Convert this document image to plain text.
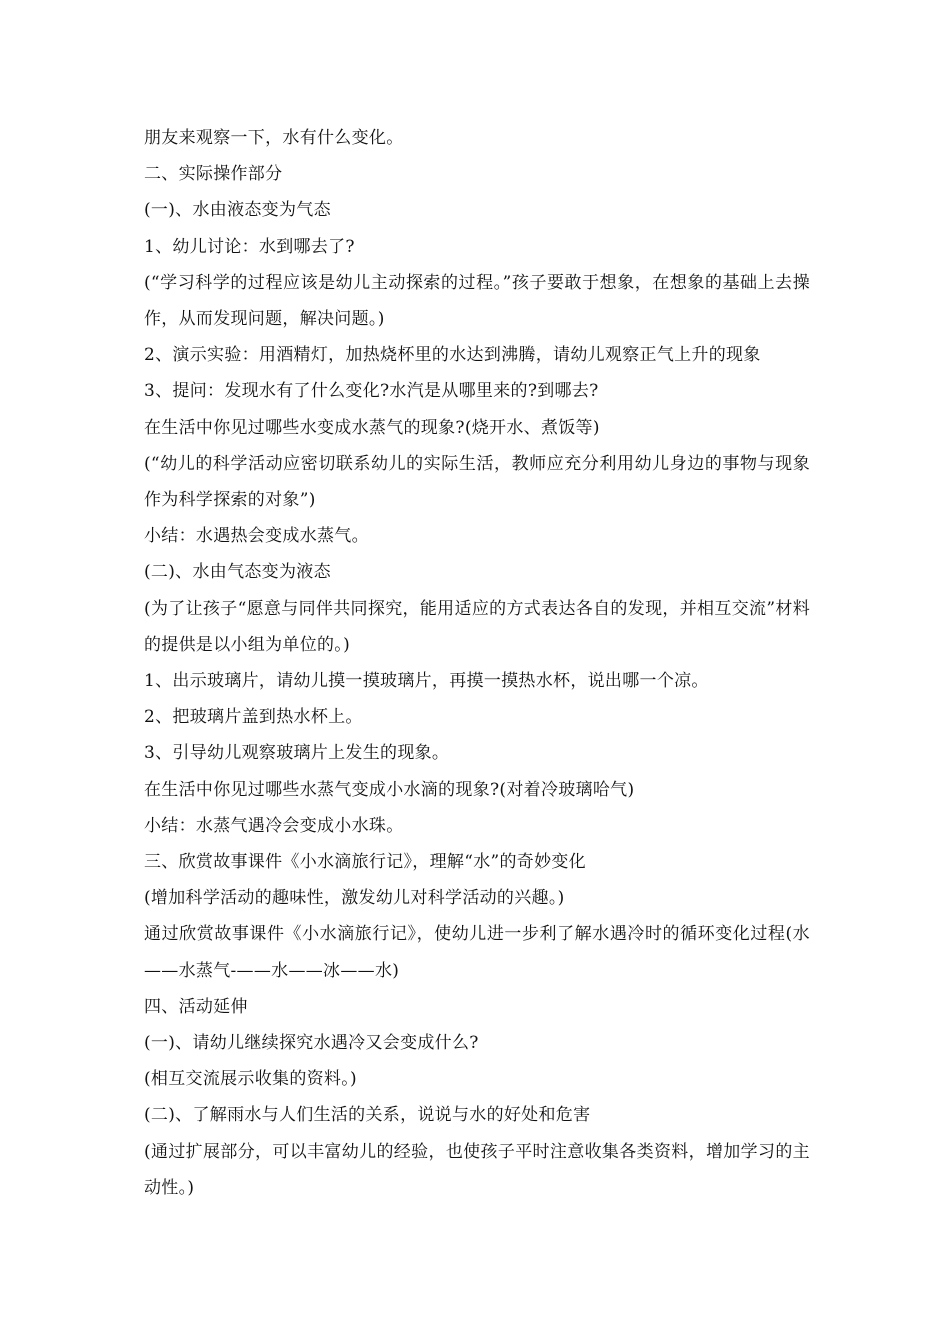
朋友来观察一下，水有什么变化。

二、实际操作部分

(一)、水由液态变为气态

1、幼儿讨论：水到哪去了?

(“学习科学的过程应该是幼儿主动探索的过程。”孩子要敢于想象，在想象的基础上去操作，从而发现问题，解决问题。)

2、演示实验：用酒精灯，加热烧杯里的水达到沸腾，请幼儿观察正气上升的现象

3、提问：发现水有了什么变化?水汽是从哪里来的?到哪去?

在生活中你见过哪些水变成水蒸气的现象?(烧开水、煮饭等)

(“幼儿的科学活动应密切联系幼儿的实际生活，教师应充分利用幼儿身边的事物与现象作为科学探索的对象”)

小结：水遇热会变成水蒸气。

(二)、水由气态变为液态

(为了让孩子“愿意与同伴共同探究，能用适应的方式表达各自的发现，并相互交流”材料的提供是以小组为单位的。)

1、出示玻璃片，请幼儿摸一摸玻璃片，再摸一摸热水杯，说出哪一个凉。

2、把玻璃片盖到热水杯上。

3、引导幼儿观察玻璃片上发生的现象。

在生活中你见过哪些水蒸气变成小水滴的现象?(对着冷玻璃哈气)

小结：水蒸气遇冷会变成小水珠。

三、欣赏故事课件《小水滴旅行记》，理解“水”的奇妙变化

(增加科学活动的趣味性，激发幼儿对科学活动的兴趣。)

通过欣赏故事课件《小水滴旅行记》，使幼儿进一步利了解水遇冷时的循环变化过程(水——水蒸气-——水——冰——水)

四、活动延伸

(一)、请幼儿继续探究水遇冷又会变成什么?

(相互交流展示收集的资料。)

(二)、了解雨水与人们生活的关系，说说与水的好处和危害

(通过扩展部分，可以丰富幼儿的经验，也使孩子平时注意收集各类资料，增加学习的主动性。)
